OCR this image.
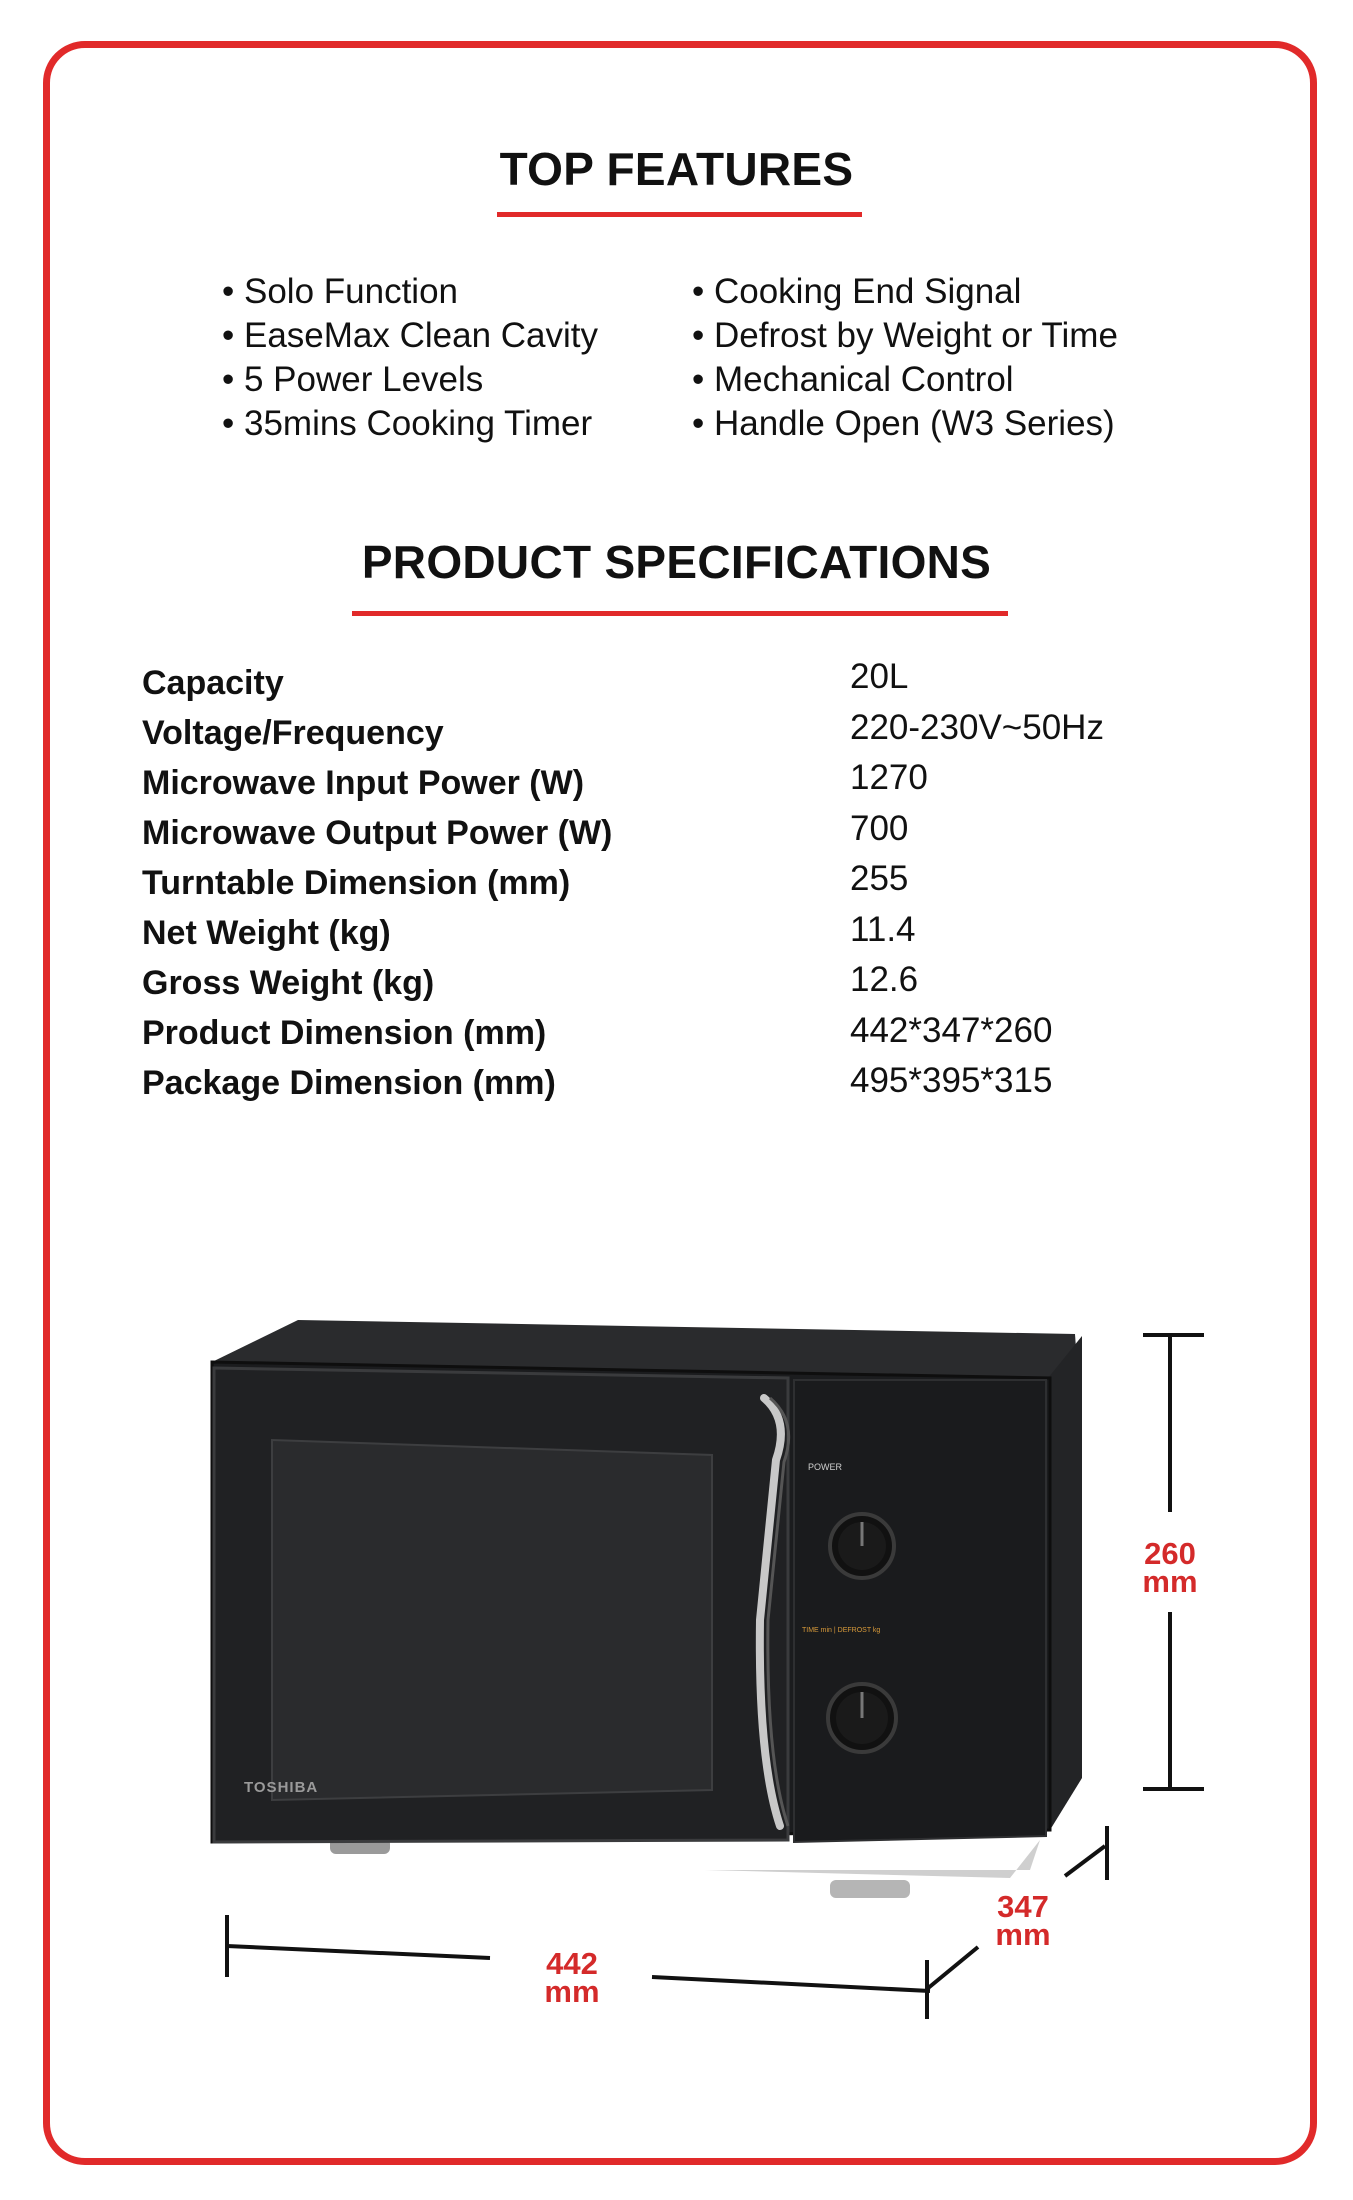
TOP FEATURES
• Solo Function
• EaseMax Clean Cavity
• 5 Power Levels
• 35mins Cooking Timer
• Cooking End Signal
• Defrost by Weight or Time
• Mechanical Control
• Handle Open (W3 Series)
PRODUCT SPECIFICATIONS
Capacity
Voltage/Frequency
Microwave Input Power (W)
Microwave Output Power (W)
Turntable Dimension (mm)
Net Weight (kg)
Gross Weight (kg)
Product Dimension (mm)
Package Dimension (mm)
20L
220-230V~50Hz
1270
700
255
11.4
12.6
442*347*260
495*395*315
POWER
TIME min | DEFROST kg
TOSHIBA
260
mm
347
mm
442
mm
